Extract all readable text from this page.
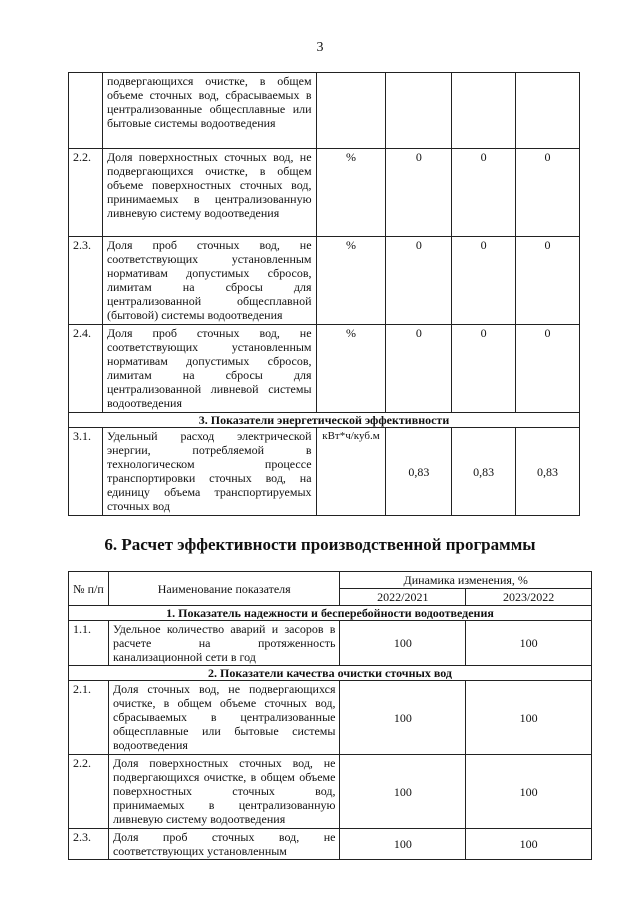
3
	подвергающихся очистке, в общем объеме сточных вод, сбрасываемых в централизованные общесплавные или бытовые системы водоотведения				
2.2.	Доля поверхностных сточных вод, не подвергающихся очистке, в общем объеме поверхностных сточных вод, принимаемых в централизованную ливневую систему водоотведения	%	0	0	0
2.3.	Доля проб сточных вод, не соответствующих установленным нормативам допустимых сбросов, лимитам на сбросы для централизованной общесплавной (бытовой) системы водоотведения	%	0	0	0
2.4.	Доля проб сточных вод, не соответствующих установленным нормативам допустимых сбросов, лимитам на сбросы для централизованной ливневой системы водоотведения	%	0	0	0
3. Показатели энергетической эффективности					
3.1.	Удельный расход электрической энергии, потребляемой в технологическом процессе транспортировки сточных вод, на единицу объема транспортируемых сточных вод	кВт*ч/куб.м	0,83	0,83	0,83
6. Расчет эффективности производственной программы
№ п/п	Наименование показателя	Динамика изменения, %	
		2022/2021	2023/2022
1. Показатель надежности и бесперебойности водоотведения			
1.1.	Удельное количество аварий и засоров в расчете на протяженность канализационной сети в год	100	100
2. Показатели качества очистки сточных вод			
2.1.	Доля сточных вод, не подвергающихся очистке, в общем объеме сточных вод, сбрасываемых в централизованные общесплавные или бытовые системы водоотведения	100	100
2.2.	Доля поверхностных сточных вод, не подвергающихся очистке, в общем объеме поверхностных сточных вод, принимаемых в централизованную ливневую систему водоотведения	100	100
2.3.	Доля проб сточных вод, не соответствующих установленным	100	100
